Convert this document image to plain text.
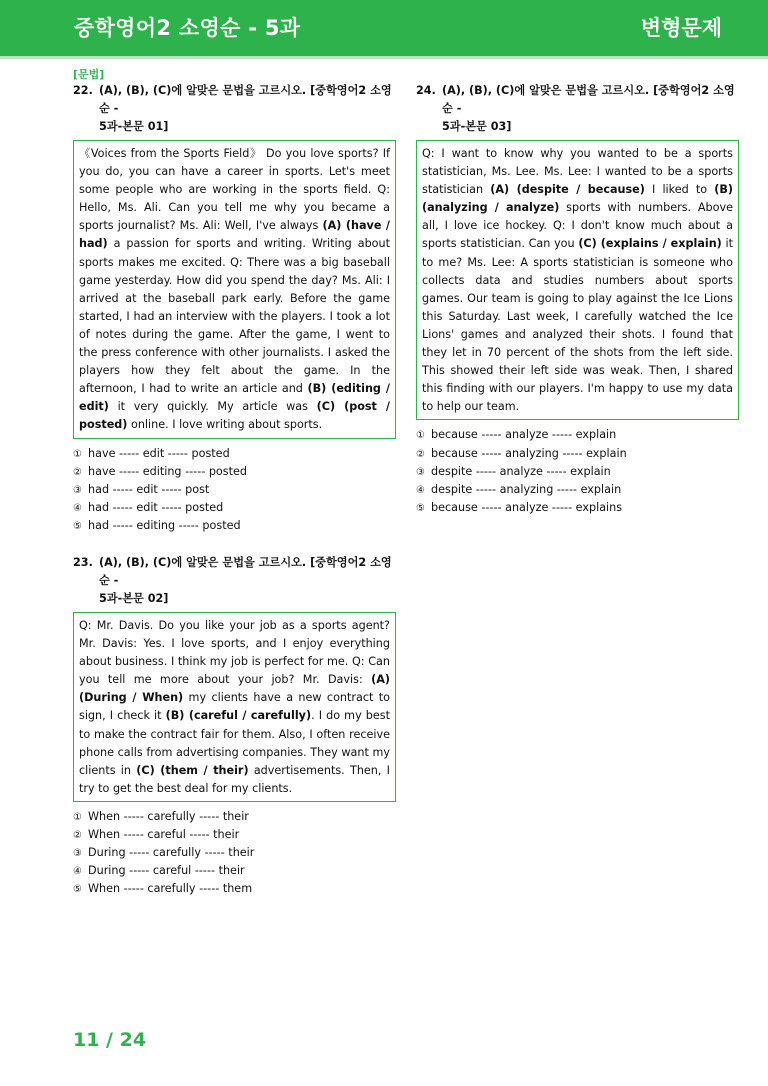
중학영어2 소영순 - 5과	변형문제
[문법]
22. (A), (B), (C)에 알맞은 문법을 고르시오. [중학영어2 소영순 -
5과-본문 01]
《Voices from the Sports Field》 Do you love sports? If you do, you can have a career in sports. Let's meet some people who are working in the sports field. Q: Hello, Ms. Ali. Can you tell me why you became a sports journalist? Ms. Ali: Well, I've always (A) (have / had) a passion for sports and writing. Writing about sports makes me excited. Q: There was a big baseball game yesterday. How did you spend the day? Ms. Ali: I arrived at the baseball park early. Before the game started, I had an interview with the players. I took a lot of notes during the game. After the game, I went to the press conference with other journalists. I asked the players how they felt about the game. In the afternoon, I had to write an article and (B) (editing / edit) it very quickly. My article was (C) (post / posted) online. I love writing about sports.
① have ----- edit ----- posted
② have ----- editing ----- posted
③ had ----- edit ----- post
④ had ----- edit ----- posted
⑤ had ----- editing ----- posted
23. (A), (B), (C)에 알맞은 문법을 고르시오. [중학영어2 소영순 -
5과-본문 02]
Q: Mr. Davis. Do you like your job as a sports agent? Mr. Davis: Yes. I love sports, and I enjoy everything about business. I think my job is perfect for me. Q: Can you tell me more about your job? Mr. Davis: (A) (During / When) my clients have a new contract to sign, I check it (B) (careful / carefully). I do my best to make the contract fair for them. Also, I often receive phone calls from advertising companies. They want my clients in (C) (them / their) advertisements. Then, I try to get the best deal for my clients.
① When ----- carefully ----- their
② When ----- careful ----- their
③ During ----- carefully ----- their
④ During ----- careful ----- their
⑤ When ----- carefully ----- them
24. (A), (B), (C)에 알맞은 문법을 고르시오. [중학영어2 소영순 -
5과-본문 03]
Q: I want to know why you wanted to be a sports statistician, Ms. Lee. Ms. Lee: I wanted to be a sports statistician (A) (despite / because) I liked to (B) (analyzing / analyze) sports with numbers. Above all, I love ice hockey. Q: I don't know much about a sports statistician. Can you (C) (explains / explain) it to me? Ms. Lee: A sports statistician is someone who collects data and studies numbers about sports games. Our team is going to play against the Ice Lions this Saturday. Last week, I carefully watched the Ice Lions' games and analyzed their shots. I found that they let in 70 percent of the shots from the left side. This showed their left side was weak. Then, I shared this finding with our players. I'm happy to use my data to help our team.
① because ----- analyze ----- explain
② because ----- analyzing ----- explain
③ despite ----- analyze ----- explain
④ despite ----- analyzing ----- explain
⑤ because ----- analyze ----- explains
11 / 24
